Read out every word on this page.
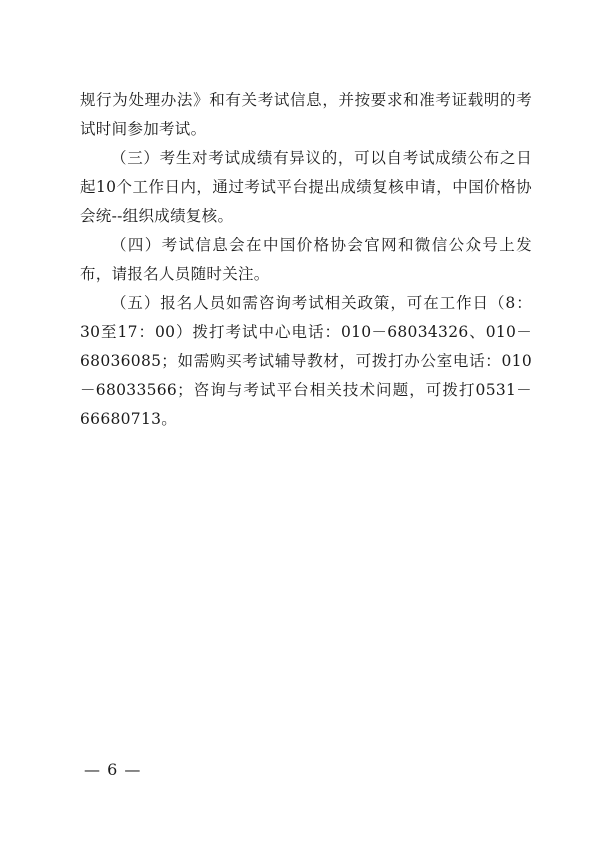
规行为处理办法》和有关考试信息，并按要求和准考证载明的考试时间参加考试。

（三）考生对考试成绩有异议的，可以自考试成绩公布之日起10个工作日内，通过考试平台提出成绩复核申请，中国价格协会统--组织成绩复核。

（四）考试信息会在中国价格协会官网和微信公众号上发布，请报名人员随时关注。

（五）报名人员如需咨询考试相关政策，可在工作日（8：30至17：00）拨打考试中心电话：010－68034326、010－68036085；如需购买考试辅导教材，可拨打办公室电话：010－68033566；咨询与考试平台相关技术问题，可拨打0531－66680713。

— 6 —
